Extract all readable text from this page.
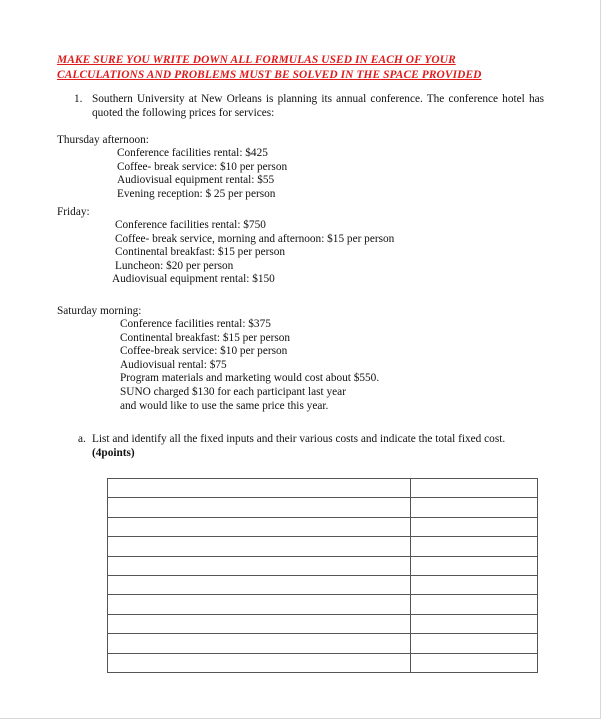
MAKE SURE YOU WRITE DOWN ALL FORMULAS USED IN EACH OF YOUR
CALCULATIONS AND PROBLEMS MUST BE SOLVED IN THE SPACE PROVIDED
1. Southern University at New Orleans is planning its annual conference. The conference hotel has quoted the following prices for services:
Thursday afternoon:
Conference facilities rental: $425
Coffee- break service: $10 per person
Audiovisual equipment rental: $55
Evening reception: $ 25 per person
Friday:
Conference facilities rental: $750
Coffee- break service, morning and afternoon: $15 per person
Continental breakfast: $15 per person
Luncheon: $20 per person
Audiovisual equipment rental: $150
Saturday morning:
Conference facilities rental: $375
Continental breakfast: $15 per person
Coffee-break service: $10 per person
Audiovisual rental: $75
Program materials and marketing would cost about $550.
SUNO charged $130 for each participant last year
and would like to use the same price this year.
a. List and identify all the fixed inputs and their various costs and indicate the total fixed cost.
(4points)
